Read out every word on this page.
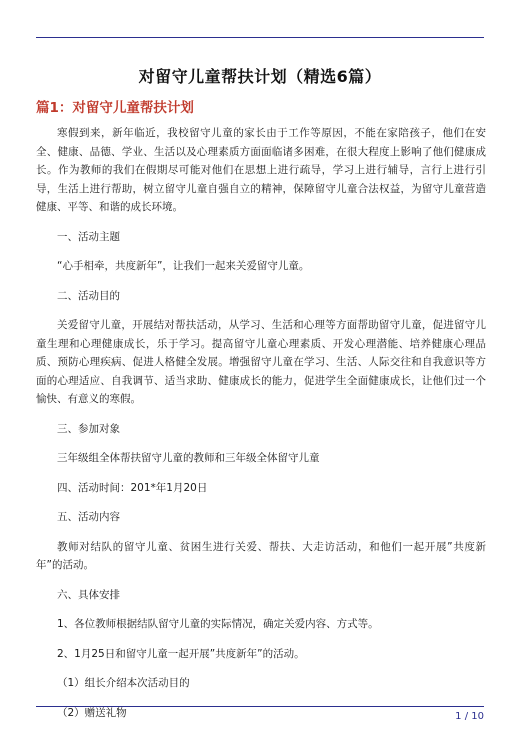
对留守儿童帮扶计划（精选6篇）
篇1：对留守儿童帮扶计划

寒假到来，新年临近，我校留守儿童的家长由于工作等原因，不能在家陪孩子，他们在安全、健康、品德、学业、生活以及心理素质方面面临诸多困难，在很大程度上影响了他们健康成长。作为教师的我们在假期尽可能对他们在思想上进行疏导，学习上进行辅导，言行上进行引导，生活上进行帮助，树立留守儿童自强自立的精神，保障留守儿童合法权益，为留守儿童营造健康、平等、和谐的成长环境。

一、活动主题

“心手相牵，共度新年”，让我们一起来关爱留守儿童。

二、活动目的

关爱留守儿童，开展结对帮扶活动，从学习、生活和心理等方面帮助留守儿童，促进留守儿童生理和心理健康成长，乐于学习。提高留守儿童心理素质、开发心理潜能、培养健康心理品质、预防心理疾病、促进人格健全发展。增强留守儿童在学习、生活、人际交往和自我意识等方面的心理适应、自我调节、适当求助、健康成长的能力，促进学生全面健康成长，让他们过一个愉快、有意义的寒假。

三、参加对象

三年级组全体帮扶留守儿童的教师和三年级全体留守儿童

四、活动时间：201*年1月20日

五、活动内容

教师对结队的留守儿童、贫困生进行关爱、帮扶、大走访活动，和他们一起开展”共度新年”的活动。

六、具体安排

1、各位教师根据结队留守儿童的实际情况，确定关爱内容、方式等。

2、1月25日和留守儿童一起开展”共度新年”的活动。

（1）组长介绍本次活动目的

（2）赠送礼物	1 / 10
